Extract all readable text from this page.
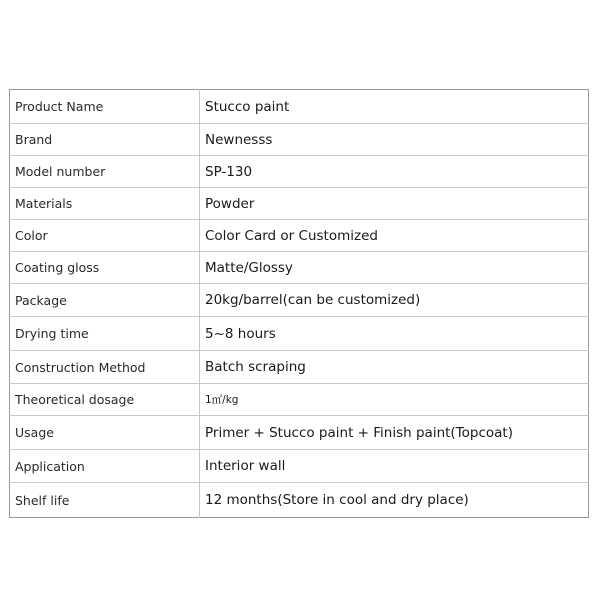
Product Name	Stucco paint
Brand	Newnesss
Model number	SP-130
Materials	Powder
Color	Color Card or Customized
Coating gloss	Matte/Glossy
Package	20kg/barrel(can be customized)
Drying time	5~8 hours
Construction Method	Batch scraping
Theoretical dosage	1㎡/kg
Usage	Primer + Stucco paint + Finish paint(Topcoat)
Application	Interior wall
Shelf life	12 months(Store in cool and dry place)
